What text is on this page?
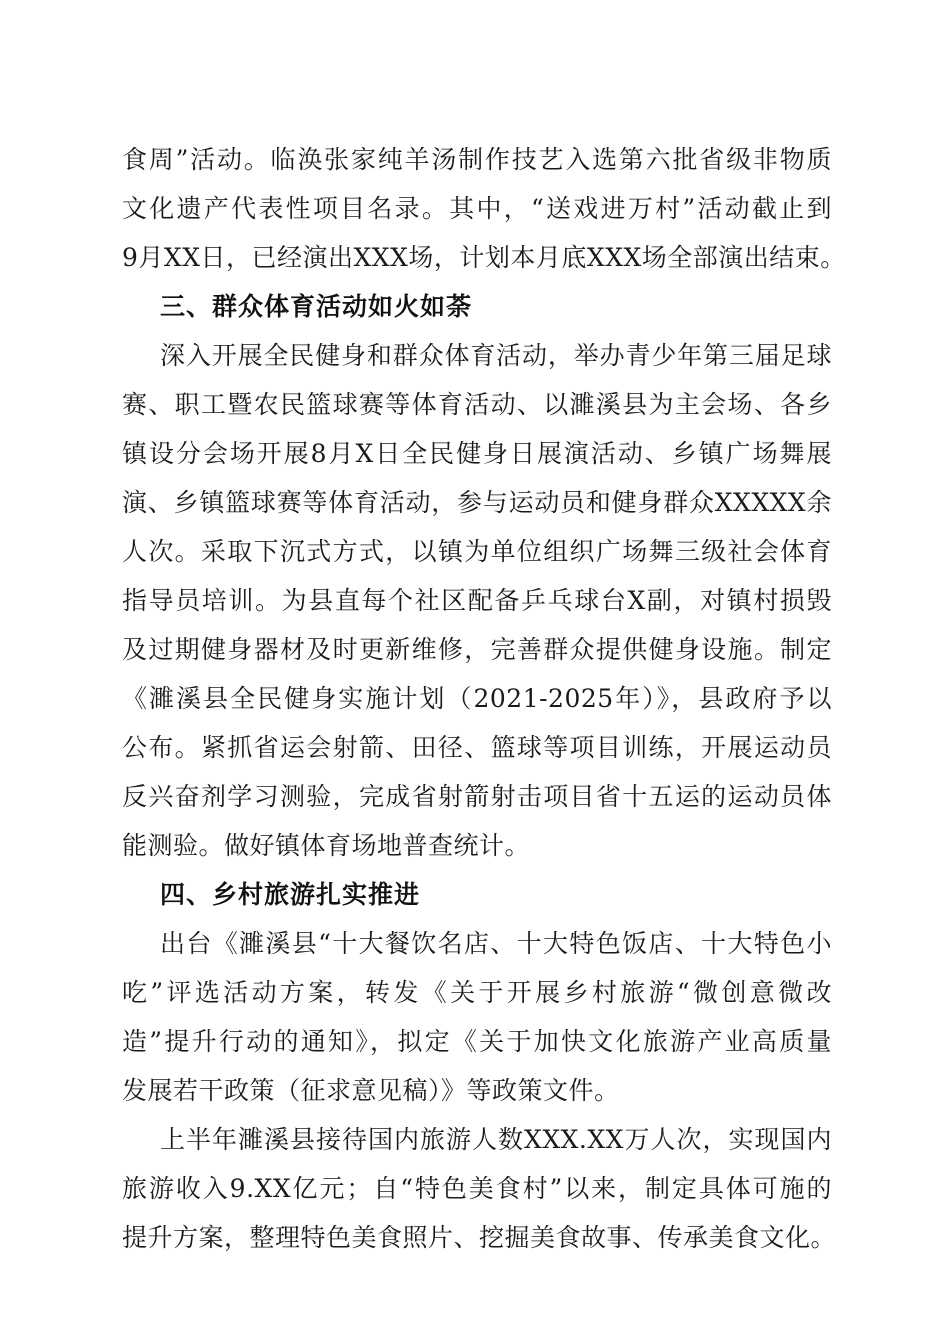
食周”活动。临涣张家纯羊汤制作技艺入选第六批省级非物质
文化遗产代表性项目名录。其中，“送戏进万村”活动截止到
9月XX日，已经演出XXX场，计划本月底XXX场全部演出结束。
三、群众体育活动如火如荼
深入开展全民健身和群众体育活动，举办青少年第三届足球
赛、职工暨农民篮球赛等体育活动、以濉溪县为主会场、各乡
镇设分会场开展8月X日全民健身日展演活动、乡镇广场舞展
演、乡镇篮球赛等体育活动，参与运动员和健身群众XXXXX余
人次。采取下沉式方式，以镇为单位组织广场舞三级社会体育
指导员培训。为县直每个社区配备乒乓球台X副，对镇村损毁
及过期健身器材及时更新维修，完善群众提供健身设施。制定
《濉溪县全民健身实施计划（2021-2025年）》，县政府予以
公布。紧抓省运会射箭、田径、篮球等项目训练，开展运动员
反兴奋剂学习测验，完成省射箭射击项目省十五运的运动员体
能测验。做好镇体育场地普查统计。
四、乡村旅游扎实推进
出台《濉溪县“十大餐饮名店、十大特色饭店、十大特色小
吃”评选活动方案，转发《关于开展乡村旅游“微创意微改
造”提升行动的通知》，拟定《关于加快文化旅游产业高质量
发展若干政策（征求意见稿）》等政策文件。
上半年濉溪县接待国内旅游人数XXX.XX万人次，实现国内
旅游收入9.XX亿元；自“特色美食村”以来，制定具体可施的
提升方案，整理特色美食照片、挖掘美食故事、传承美食文化。
